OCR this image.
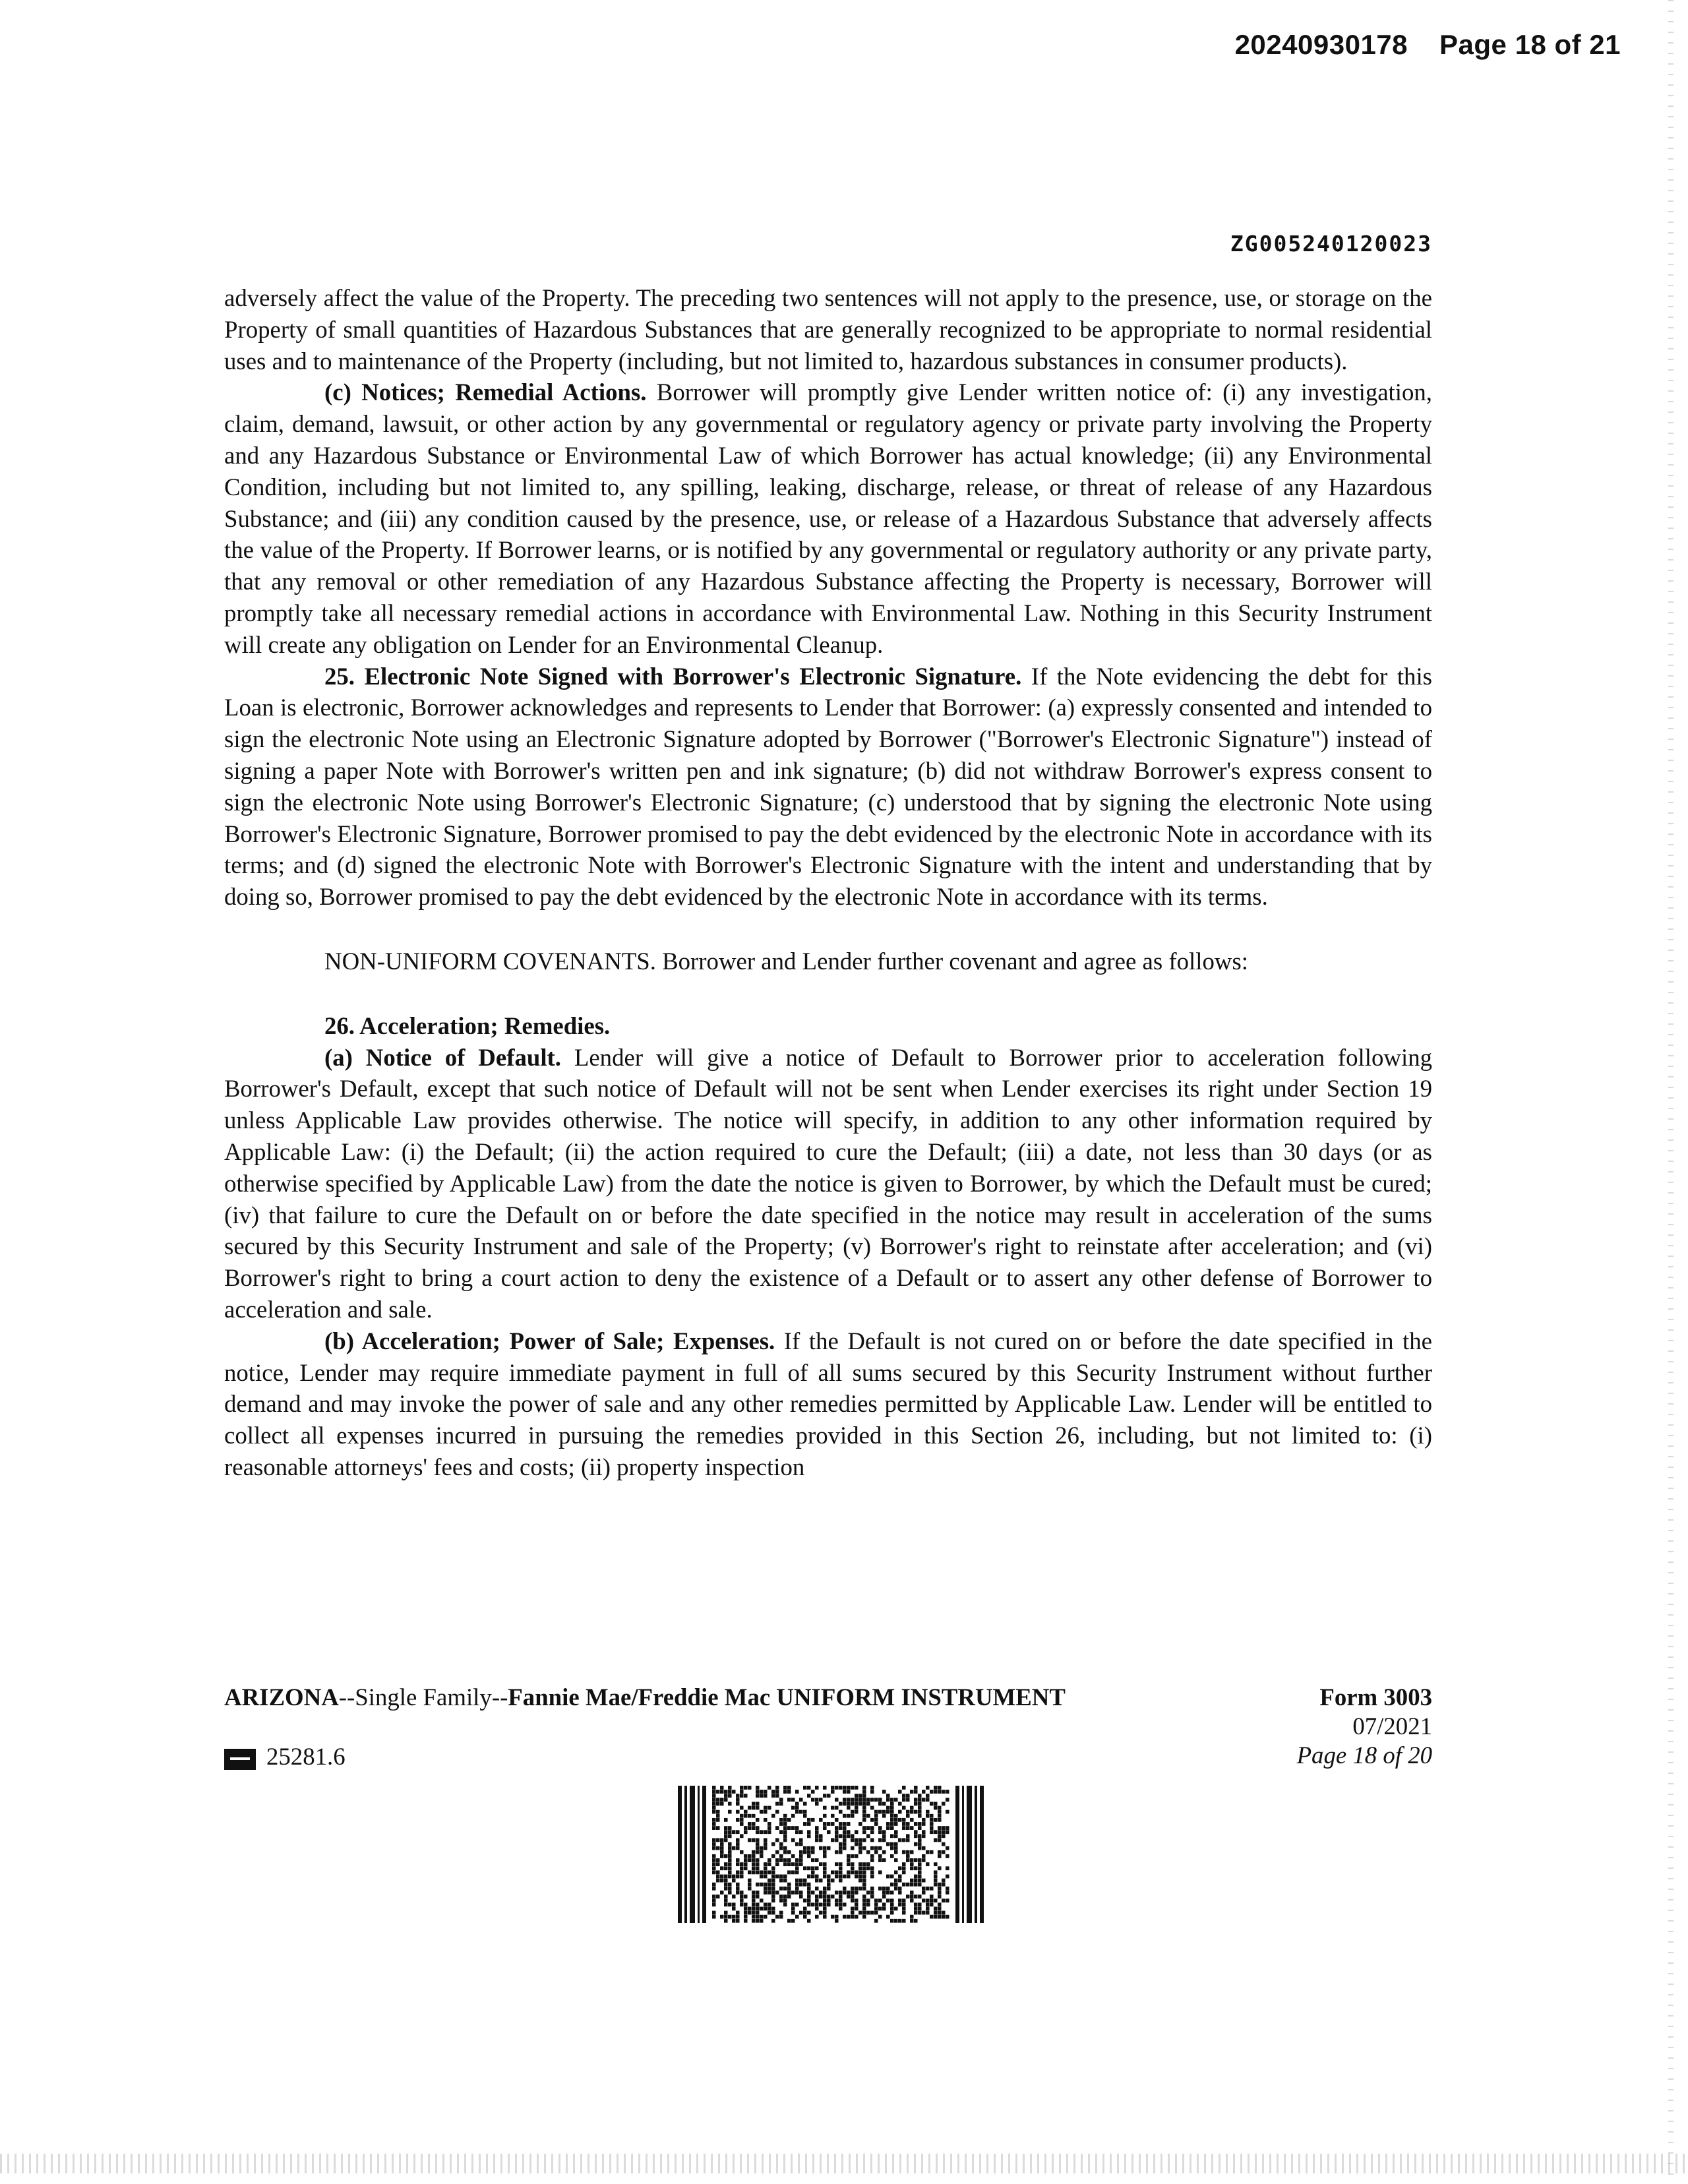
20240930178 Page 18 of 21
ZG005240120023

adversely affect the value of the Property. The preceding two sentences will not apply to the presence, use, or storage on the Property of small quantities of Hazardous Substances that are generally recognized to be appropriate to normal residential uses and to maintenance of the Property (including, but not limited to, hazardous substances in consumer products).

(c) Notices; Remedial Actions. Borrower will promptly give Lender written notice of: (i) any investigation, claim, demand, lawsuit, or other action by any governmental or regulatory agency or private party involving the Property and any Hazardous Substance or Environmental Law of which Borrower has actual knowledge; (ii) any Environmental Condition, including but not limited to, any spilling, leaking, discharge, release, or threat of release of any Hazardous Substance; and (iii) any condition caused by the presence, use, or release of a Hazardous Substance that adversely affects the value of the Property. If Borrower learns, or is notified by any governmental or regulatory authority or any private party, that any removal or other remediation of any Hazardous Substance affecting the Property is necessary, Borrower will promptly take all necessary remedial actions in accordance with Environmental Law. Nothing in this Security Instrument will create any obligation on Lender for an Environmental Cleanup.

25. Electronic Note Signed with Borrower's Electronic Signature. If the Note evidencing the debt for this Loan is electronic, Borrower acknowledges and represents to Lender that Borrower: (a) expressly consented and intended to sign the electronic Note using an Electronic Signature adopted by Borrower ("Borrower's Electronic Signature") instead of signing a paper Note with Borrower's written pen and ink signature; (b) did not withdraw Borrower's express consent to sign the electronic Note using Borrower's Electronic Signature; (c) understood that by signing the electronic Note using Borrower's Electronic Signature, Borrower promised to pay the debt evidenced by the electronic Note in accordance with its terms; and (d) signed the electronic Note with Borrower's Electronic Signature with the intent and understanding that by doing so, Borrower promised to pay the debt evidenced by the electronic Note in accordance with its terms.

NON-UNIFORM COVENANTS. Borrower and Lender further covenant and agree as follows:

26. Acceleration; Remedies.

(a) Notice of Default. Lender will give a notice of Default to Borrower prior to acceleration following Borrower's Default, except that such notice of Default will not be sent when Lender exercises its right under Section 19 unless Applicable Law provides otherwise. The notice will specify, in addition to any other information required by Applicable Law: (i) the Default; (ii) the action required to cure the Default; (iii) a date, not less than 30 days (or as otherwise specified by Applicable Law) from the date the notice is given to Borrower, by which the Default must be cured; (iv) that failure to cure the Default on or before the date specified in the notice may result in acceleration of the sums secured by this Security Instrument and sale of the Property; (v) Borrower's right to reinstate after acceleration; and (vi) Borrower's right to bring a court action to deny the existence of a Default or to assert any other defense of Borrower to acceleration and sale.

(b) Acceleration; Power of Sale; Expenses. If the Default is not cured on or before the date specified in the notice, Lender may require immediate payment in full of all sums secured by this Security Instrument without further demand and may invoke the power of sale and any other remedies permitted by Applicable Law. Lender will be entitled to collect all expenses incurred in pursuing the remedies provided in this Section 26, including, but not limited to: (i) reasonable attorneys' fees and costs; (ii) property inspection

ARIZONA--Single Family--Fannie Mae/Freddie Mac UNIFORM INSTRUMENT	Form 3003
07/2021
Page 18 of 20
25281.6
